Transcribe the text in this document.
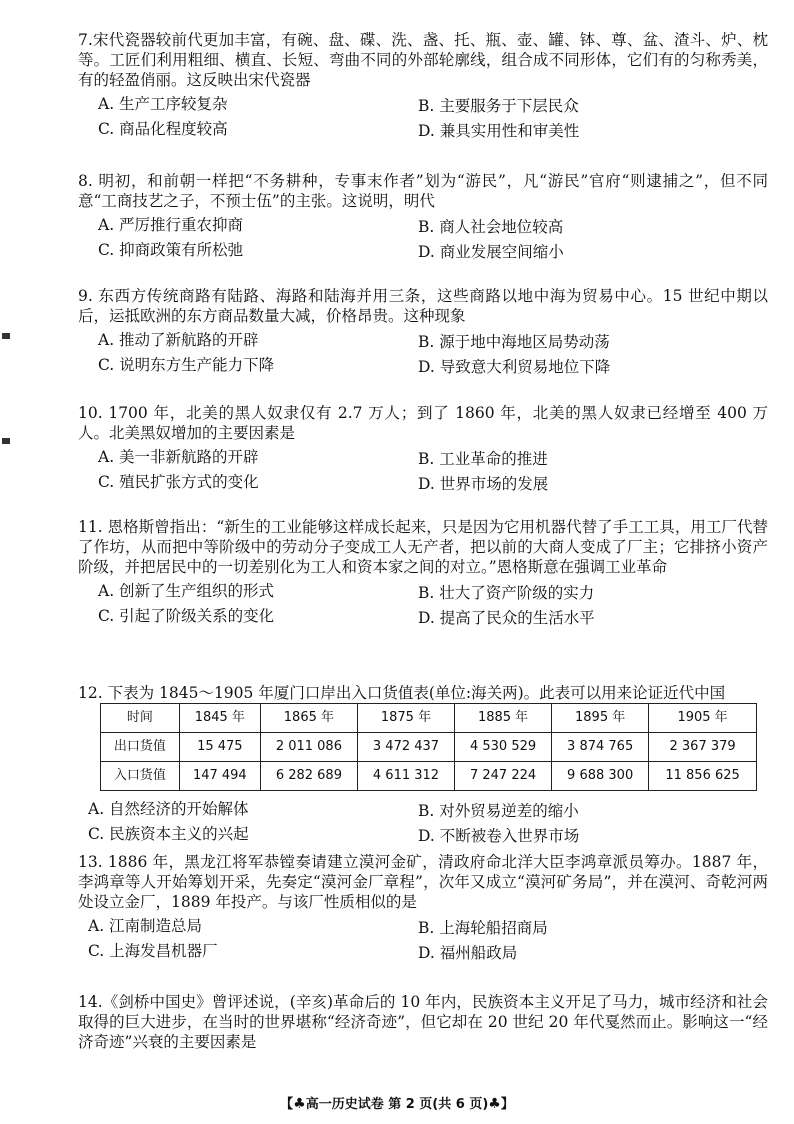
7.宋代瓷器较前代更加丰富，有碗、盘、碟、洗、盏、托、瓶、壶、罐、钵、尊、盆、渣斗、炉、枕等。工匠们利用粗细、横直、长短、弯曲不同的外部轮廓线，组合成不同形体，它们有的匀称秀美，有的轻盈俏丽。这反映出宋代瓷器

A. 生产工序较复杂	B. 主要服务于下层民众
C. 商品化程度较高	D. 兼具实用性和审美性

8. 明初，和前朝一样把“不务耕种，专事末作者”划为“游民”，凡“游民”官府“则逮捕之”，但不同意“工商技艺之子，不预士伍”的主张。这说明，明代

A. 严厉推行重农抑商	B. 商人社会地位较高
C. 抑商政策有所松弛	D. 商业发展空间缩小

9. 东西方传统商路有陆路、海路和陆海并用三条，这些商路以地中海为贸易中心。15 世纪中期以后，运抵欧洲的东方商品数量大减，价格昂贵。这种现象

A. 推动了新航路的开辟	B. 源于地中海地区局势动荡
C. 说明东方生产能力下降	D. 导致意大利贸易地位下降

10. 1700 年，北美的黑人奴隶仅有 2.7 万人；到了 1860 年，北美的黑人奴隶已经增至 400 万人。北美黑奴增加的主要因素是

A. 美一非新航路的开辟	B. 工业革命的推进
C. 殖民扩张方式的变化	D. 世界市场的发展

11. 恩格斯曾指出：“新生的工业能够这样成长起来，只是因为它用机器代替了手工工具，用工厂代替了作坊，从而把中等阶级中的劳动分子变成工人无产者，把以前的大商人变成了厂主；它排挤小资产阶级，并把居民中的一切差别化为工人和资本家之间的对立。”恩格斯意在强调工业革命

A. 创新了生产组织的形式	B. 壮大了资产阶级的实力
C. 引起了阶级关系的变化	D. 提高了民众的生活水平

12. 下表为 1845～1905 年厦门口岸出入口货值表(单位:海关两)。此表可以用来论证近代中国

时间	1845 年	1865 年	1875 年	1885 年	1895 年	1905 年
出口货值	15 475	2 011 086	3 472 437	4 530 529	3 874 765	2 367 379
入口货值	147 494	6 282 689	4 611 312	7 247 224	9 688 300	11 856 625
A. 自然经济的开始解体	B. 对外贸易逆差的缩小
C. 民族资本主义的兴起	D. 不断被卷入世界市场

13. 1886 年，黑龙江将军恭镗奏请建立漠河金矿，清政府命北洋大臣李鸿章派员筹办。1887 年，李鸿章等人开始筹划开采，先奏定“漠河金厂章程”，次年又成立“漠河矿务局”，并在漠河、奇乾河两处设立金厂，1889 年投产。与该厂性质相似的是

A. 江南制造总局	B. 上海轮船招商局
C. 上海发昌机器厂	D. 福州船政局

14.《剑桥中国史》曾评述说，(辛亥)革命后的 10 年内，民族资本主义开足了马力，城市经济和社会取得的巨大进步，在当时的世界堪称“经济奇迹”，但它却在 20 世纪 20 年代戛然而止。影响这一“经济奇迹”兴衰的主要因素是

【♣高一历史试卷 第 2 页(共 6 页)♣】
